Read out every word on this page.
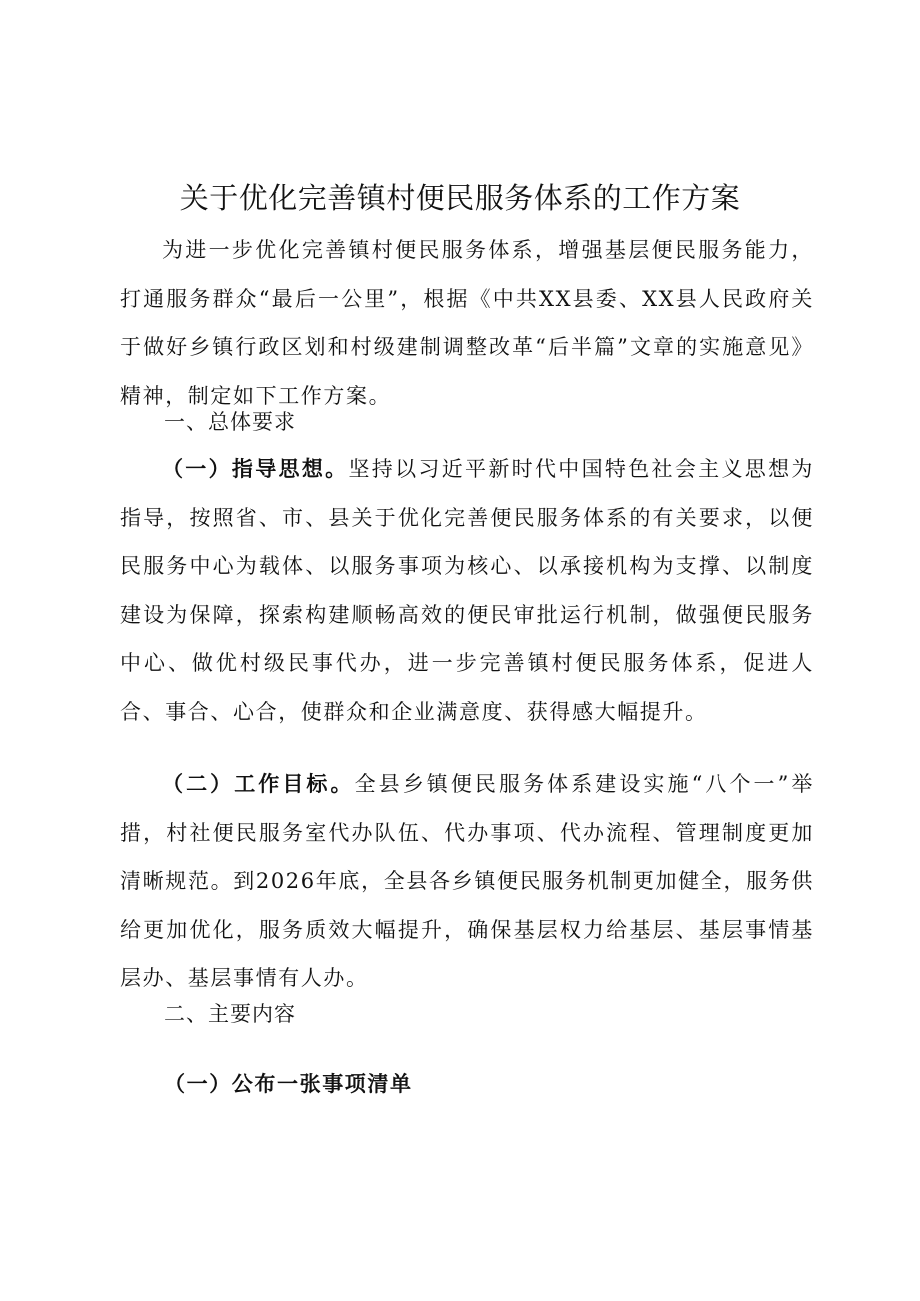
关于优化完善镇村便民服务体系的工作方案
为进一步优化完善镇村便民服务体系，增强基层便民服务能力，打通服务群众“最后一公里”，根据《中共XX县委、XX县人民政府关于做好乡镇行政区划和村级建制调整改革“后半篇”文章的实施意见》精神，制定如下工作方案。
一、总体要求
（一）指导思想。坚持以习近平新时代中国特色社会主义思想为指导，按照省、市、县关于优化完善便民服务体系的有关要求，以便民服务中心为载体、以服务事项为核心、以承接机构为支撑、以制度建设为保障，探索构建顺畅高效的便民审批运行机制，做强便民服务中心、做优村级民事代办，进一步完善镇村便民服务体系，促进人合、事合、心合，使群众和企业满意度、获得感大幅提升。
（二）工作目标。全县乡镇便民服务体系建设实施“八个一”举措，村社便民服务室代办队伍、代办事项、代办流程、管理制度更加清晰规范。到2026年底，全县各乡镇便民服务机制更加健全，服务供给更加优化，服务质效大幅提升，确保基层权力给基层、基层事情基层办、基层事情有人办。
二、主要内容
（一）公布一张事项清单
